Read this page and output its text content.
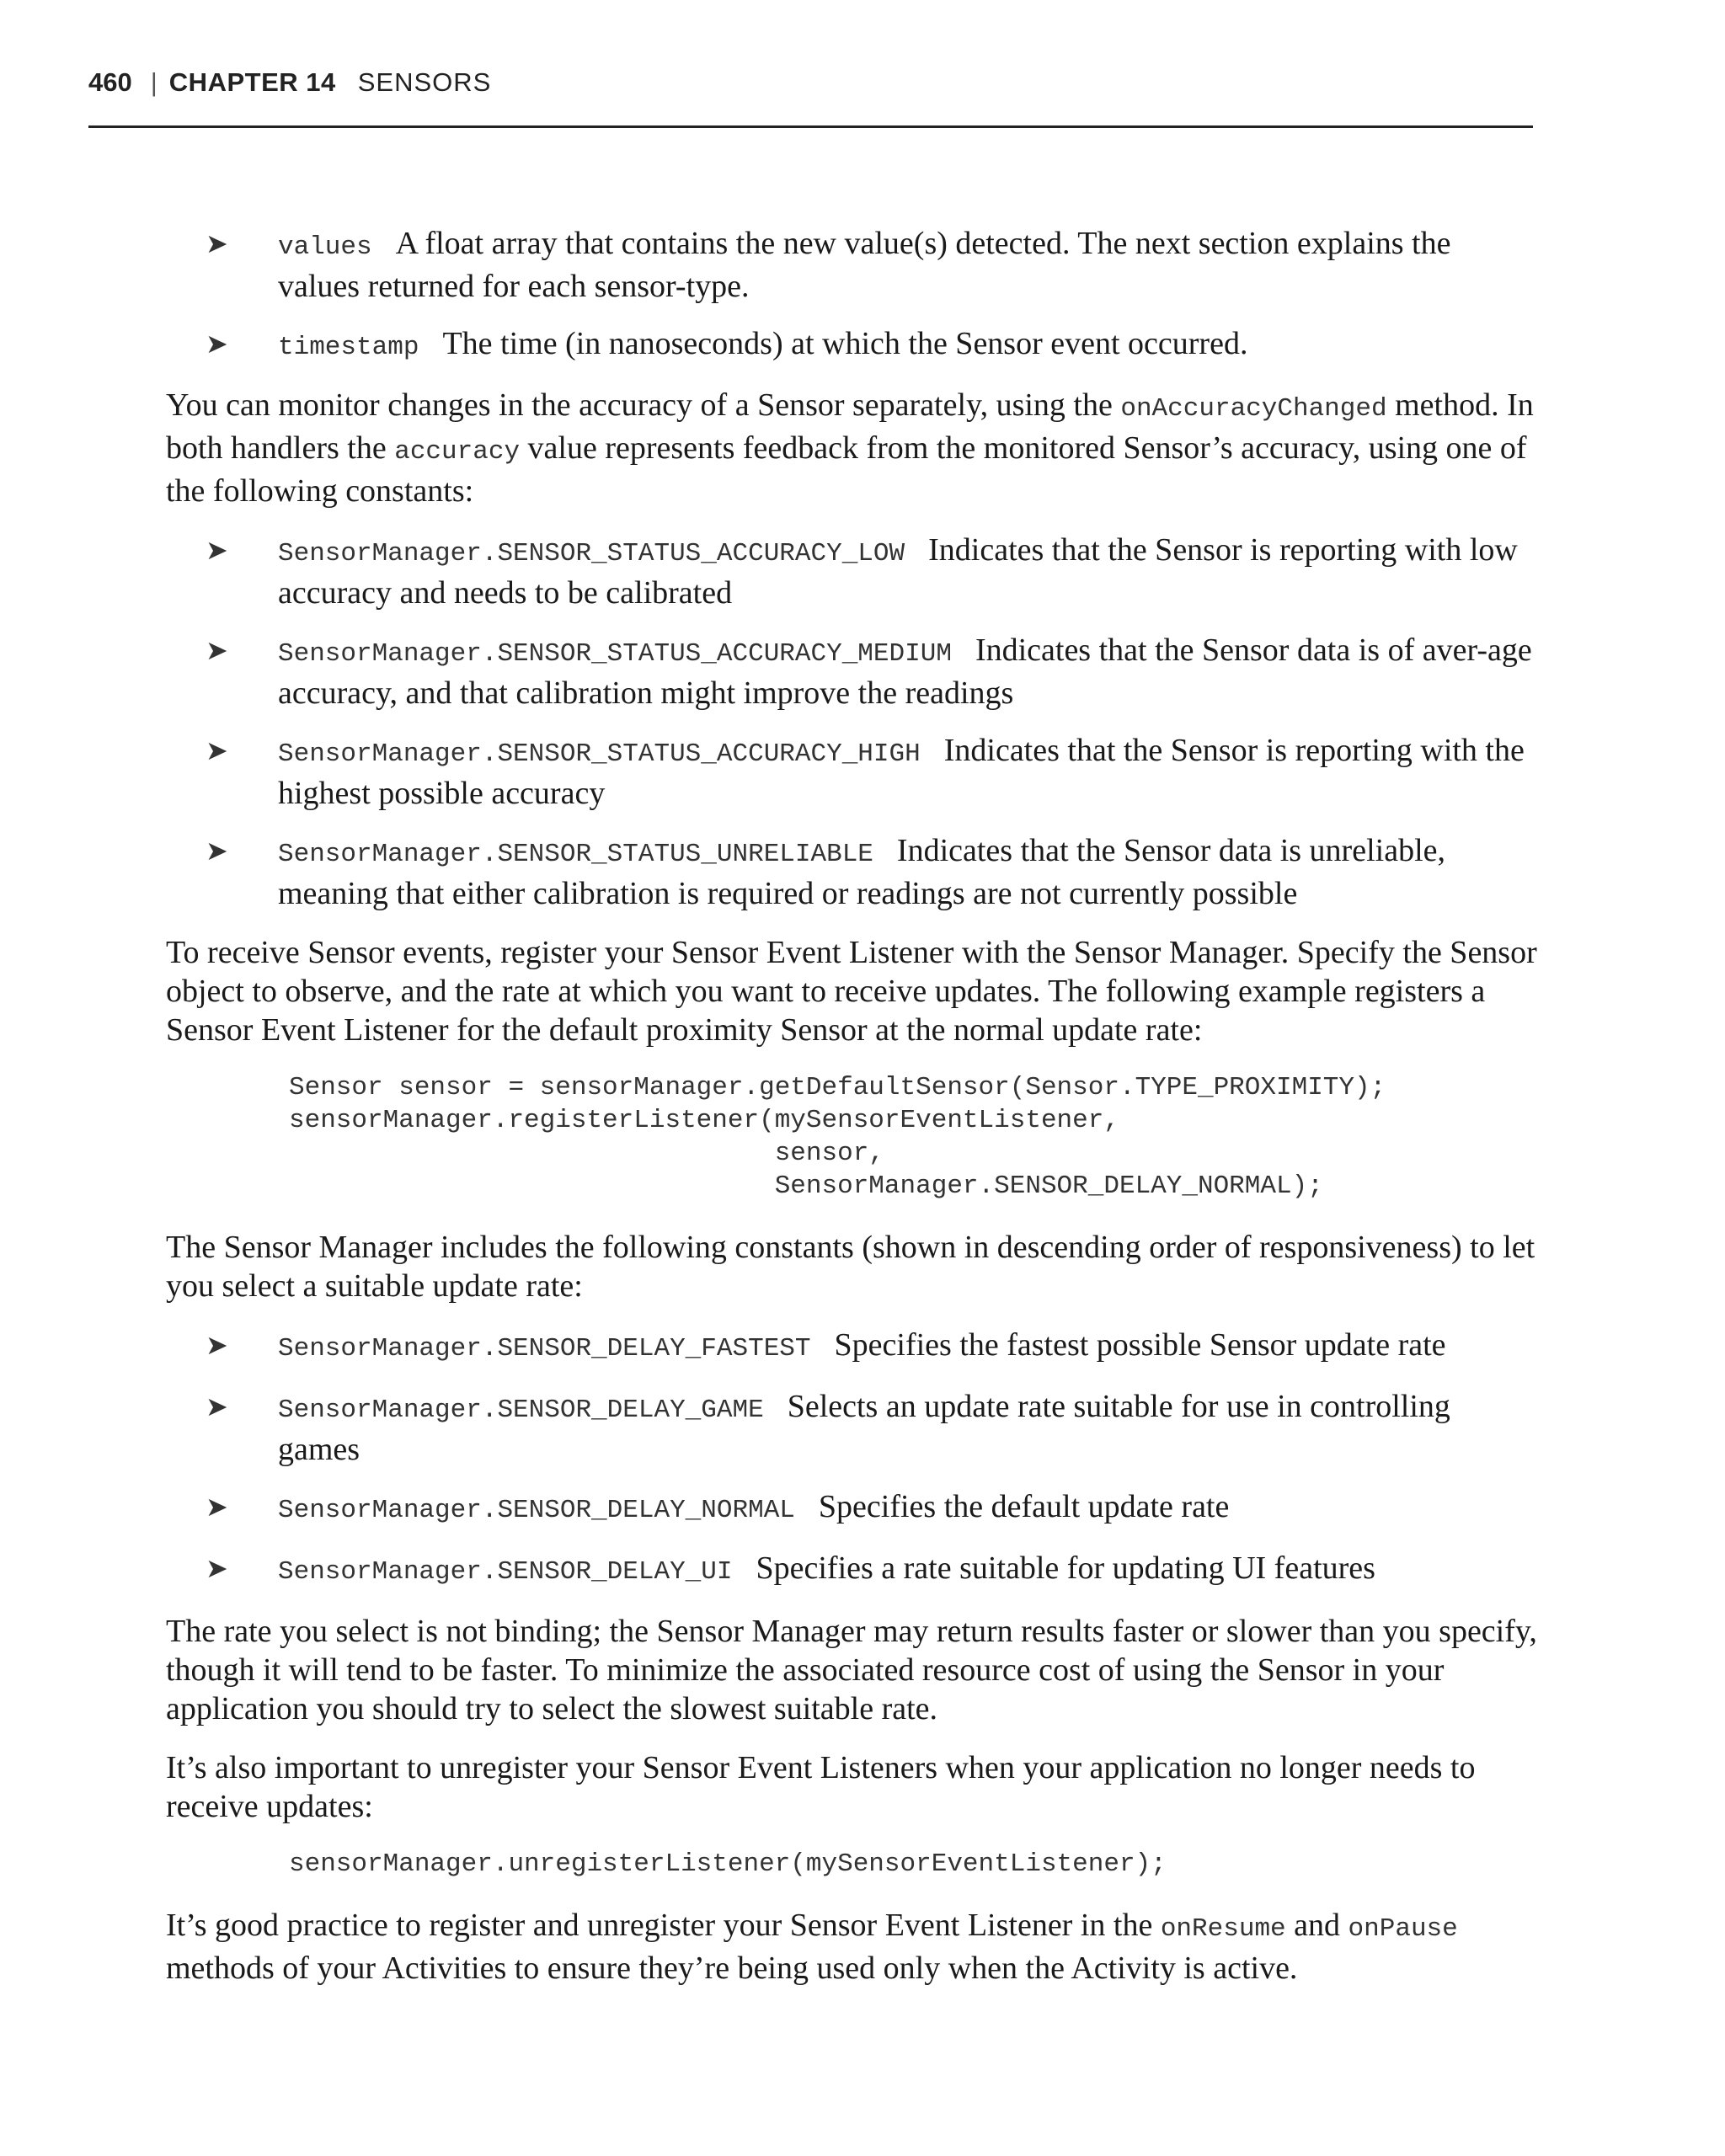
460 | CHAPTER 14 SENSORS
➤ values A float array that contains the new value(s) detected. The next section explains the values returned for each sensor-type.
➤ timestamp The time (in nanoseconds) at which the Sensor event occurred.

You can monitor changes in the accuracy of a Sensor separately, using the onAccuracyChanged method. In both handlers the accuracy value represents feedback from the monitored Sensor’s accuracy, using one of the following constants:

➤ SensorManager.SENSOR_STATUS_ACCURACY_LOW Indicates that the Sensor is reporting with low accuracy and needs to be calibrated
➤ SensorManager.SENSOR_STATUS_ACCURACY_MEDIUM Indicates that the Sensor data is of aver-age accuracy, and that calibration might improve the readings
➤ SensorManager.SENSOR_STATUS_ACCURACY_HIGH Indicates that the Sensor is reporting with the highest possible accuracy
➤ SensorManager.SENSOR_STATUS_UNRELIABLE Indicates that the Sensor data is unreliable, meaning that either calibration is required or readings are not currently possible

To receive Sensor events, register your Sensor Event Listener with the Sensor Manager. Specify the Sensor object to observe, and the rate at which you want to receive updates. The following example registers a Sensor Event Listener for the default proximity Sensor at the normal update rate:

Sensor sensor = sensorManager.getDefaultSensor(Sensor.TYPE_PROXIMITY);
sensorManager.registerListener(mySensorEventListener,
sensor,
SensorManager.SENSOR_DELAY_NORMAL);

The Sensor Manager includes the following constants (shown in descending order of responsiveness) to let you select a suitable update rate:

➤ SensorManager.SENSOR_DELAY_FASTEST Specifies the fastest possible Sensor update rate
➤ SensorManager.SENSOR_DELAY_GAME Selects an update rate suitable for use in controlling games
➤ SensorManager.SENSOR_DELAY_NORMAL Specifies the default update rate
➤ SensorManager.SENSOR_DELAY_UI Specifies a rate suitable for updating UI features

The rate you select is not binding; the Sensor Manager may return results faster or slower than you specify, though it will tend to be faster. To minimize the associated resource cost of using the Sensor in your application you should try to select the slowest suitable rate.

It’s also important to unregister your Sensor Event Listeners when your application no longer needs to receive updates:

sensorManager.unregisterListener(mySensorEventListener);

It’s good practice to register and unregister your Sensor Event Listener in the onResume and onPause methods of your Activities to ensure they’re being used only when the Activity is active.
